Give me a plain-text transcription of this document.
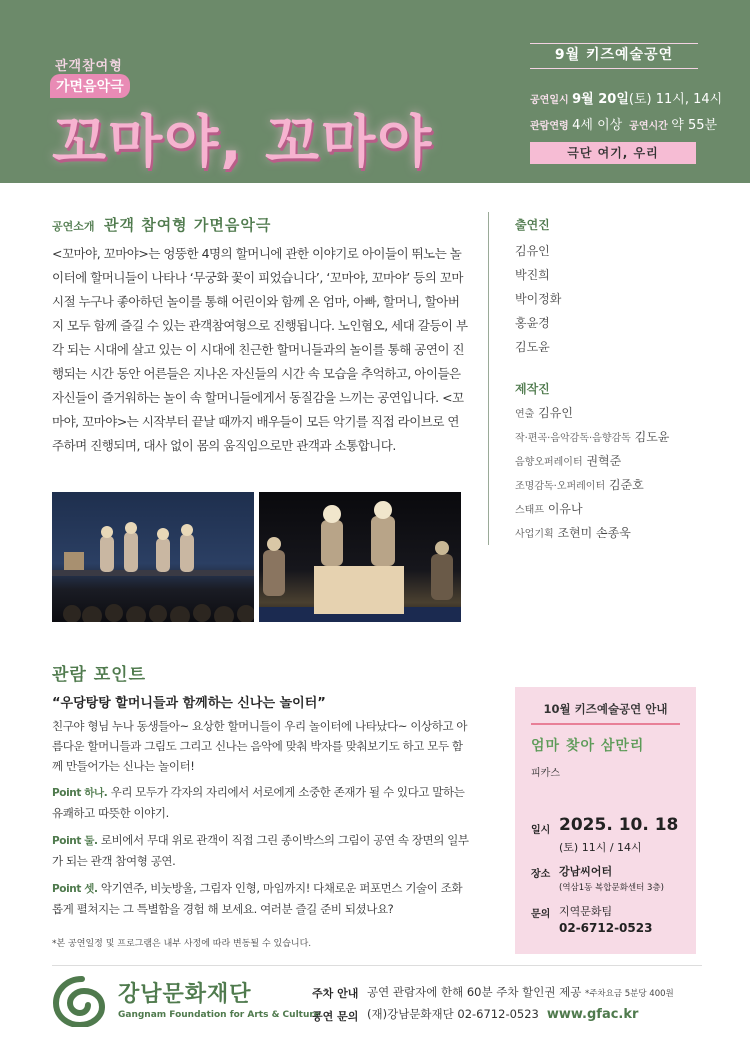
관객참여형
가면음악극
꼬마야, 꼬마야
9월 키즈예술공연
공연일시 9월 20일(토) 11시, 14시
관람연령 4세 이상 공연시간 약 55분
극단 여기, 우리
공연소개 관객 참여형 가면음악극
<꼬마야, 꼬마야>는 엉뚱한 4명의 할머니에 관한 이야기로 아이들이 뛰노는 놀이터에 할머니들이 나타나 ‘무궁화 꽃이 피었습니다’, ‘꼬마야, 꼬마야’ 등의 꼬마시절 누구나 좋아하던 놀이를 통해 어린이와 함께 온 엄마, 아빠, 할머니, 할아버지 모두 함께 즐길 수 있는 관객참여형으로 진행됩니다. 노인혐오, 세대 갈등이 부각 되는 시대에 살고 있는 이 시대에 친근한 할머니들과의 놀이를 통해 공연이 진행되는 시간 동안 어른들은 지나온 자신들의 시간 속 모습을 추억하고, 아이들은 자신들이 즐거워하는 놀이 속 할머니들에게서 동질감을 느끼는 공연입니다. <꼬마야, 꼬마야>는 시작부터 끝날 때까지 배우들이 모든 악기를 직접 라이브로 연주하며 진행되며, 대사 없이 몸의 움직임으로만 관객과 소통합니다.
출연진
김유인
박진희
박이정화
홍윤경
김도윤
제작진
연출 김유인
작·편곡·음악감독·음향감독 김도윤
음향오퍼레이터 권혁준
조명감독·오퍼레이터 김준호
스태프 이유나
사업기획 조현미 손종욱
관람 포인트
“우당탕탕 할머니들과 함께하는 신나는 놀이터”
친구야 형님 누나 동생들아~ 요상한 할머니들이 우리 놀이터에 나타났다~ 이상하고 아름다운 할머니들과 그림도 그리고 신나는 음악에 맞춰 박자를 맞춰보기도 하고 모두 함께 만들어가는 신나는 놀이터!
Point 하나. 우리 모두가 각자의 자리에서 서로에게 소중한 존재가 될 수 있다고 말하는 유쾌하고 따뜻한 이야기.
Point 둘. 로비에서 무대 위로 관객이 직접 그린 종이박스의 그림이 공연 속 장면의 일부가 되는 관객 참여형 공연.
Point 셋. 악기연주, 비눗방울, 그림자 인형, 마임까지! 다채로운 퍼포먼스 기술이 조화롭게 펼쳐지는 그 특별함을 경험 해 보세요. 여러분 즐길 준비 되셨나요?
*본 공연일정 및 프로그램은 내부 사정에 따라 변동될 수 있습니다.
10월 키즈예술공연 안내
엄마 찾아 삼만리
피카스
일시 2025. 10. 18
(토) 11시 / 14시
장소 강남씨어터
(역삼1동 복합문화센터 3층)
문의 지역문화팀
02-6712-0523
강남문화재단
Gangnam Foundation for Arts & Culture
주차 안내 공연 관람자에 한해 60분 주차 할인권 제공 *주차요금 5분당 400원
공연 문의 (재)강남문화재단 02-6712-0523 www.gfac.kr
